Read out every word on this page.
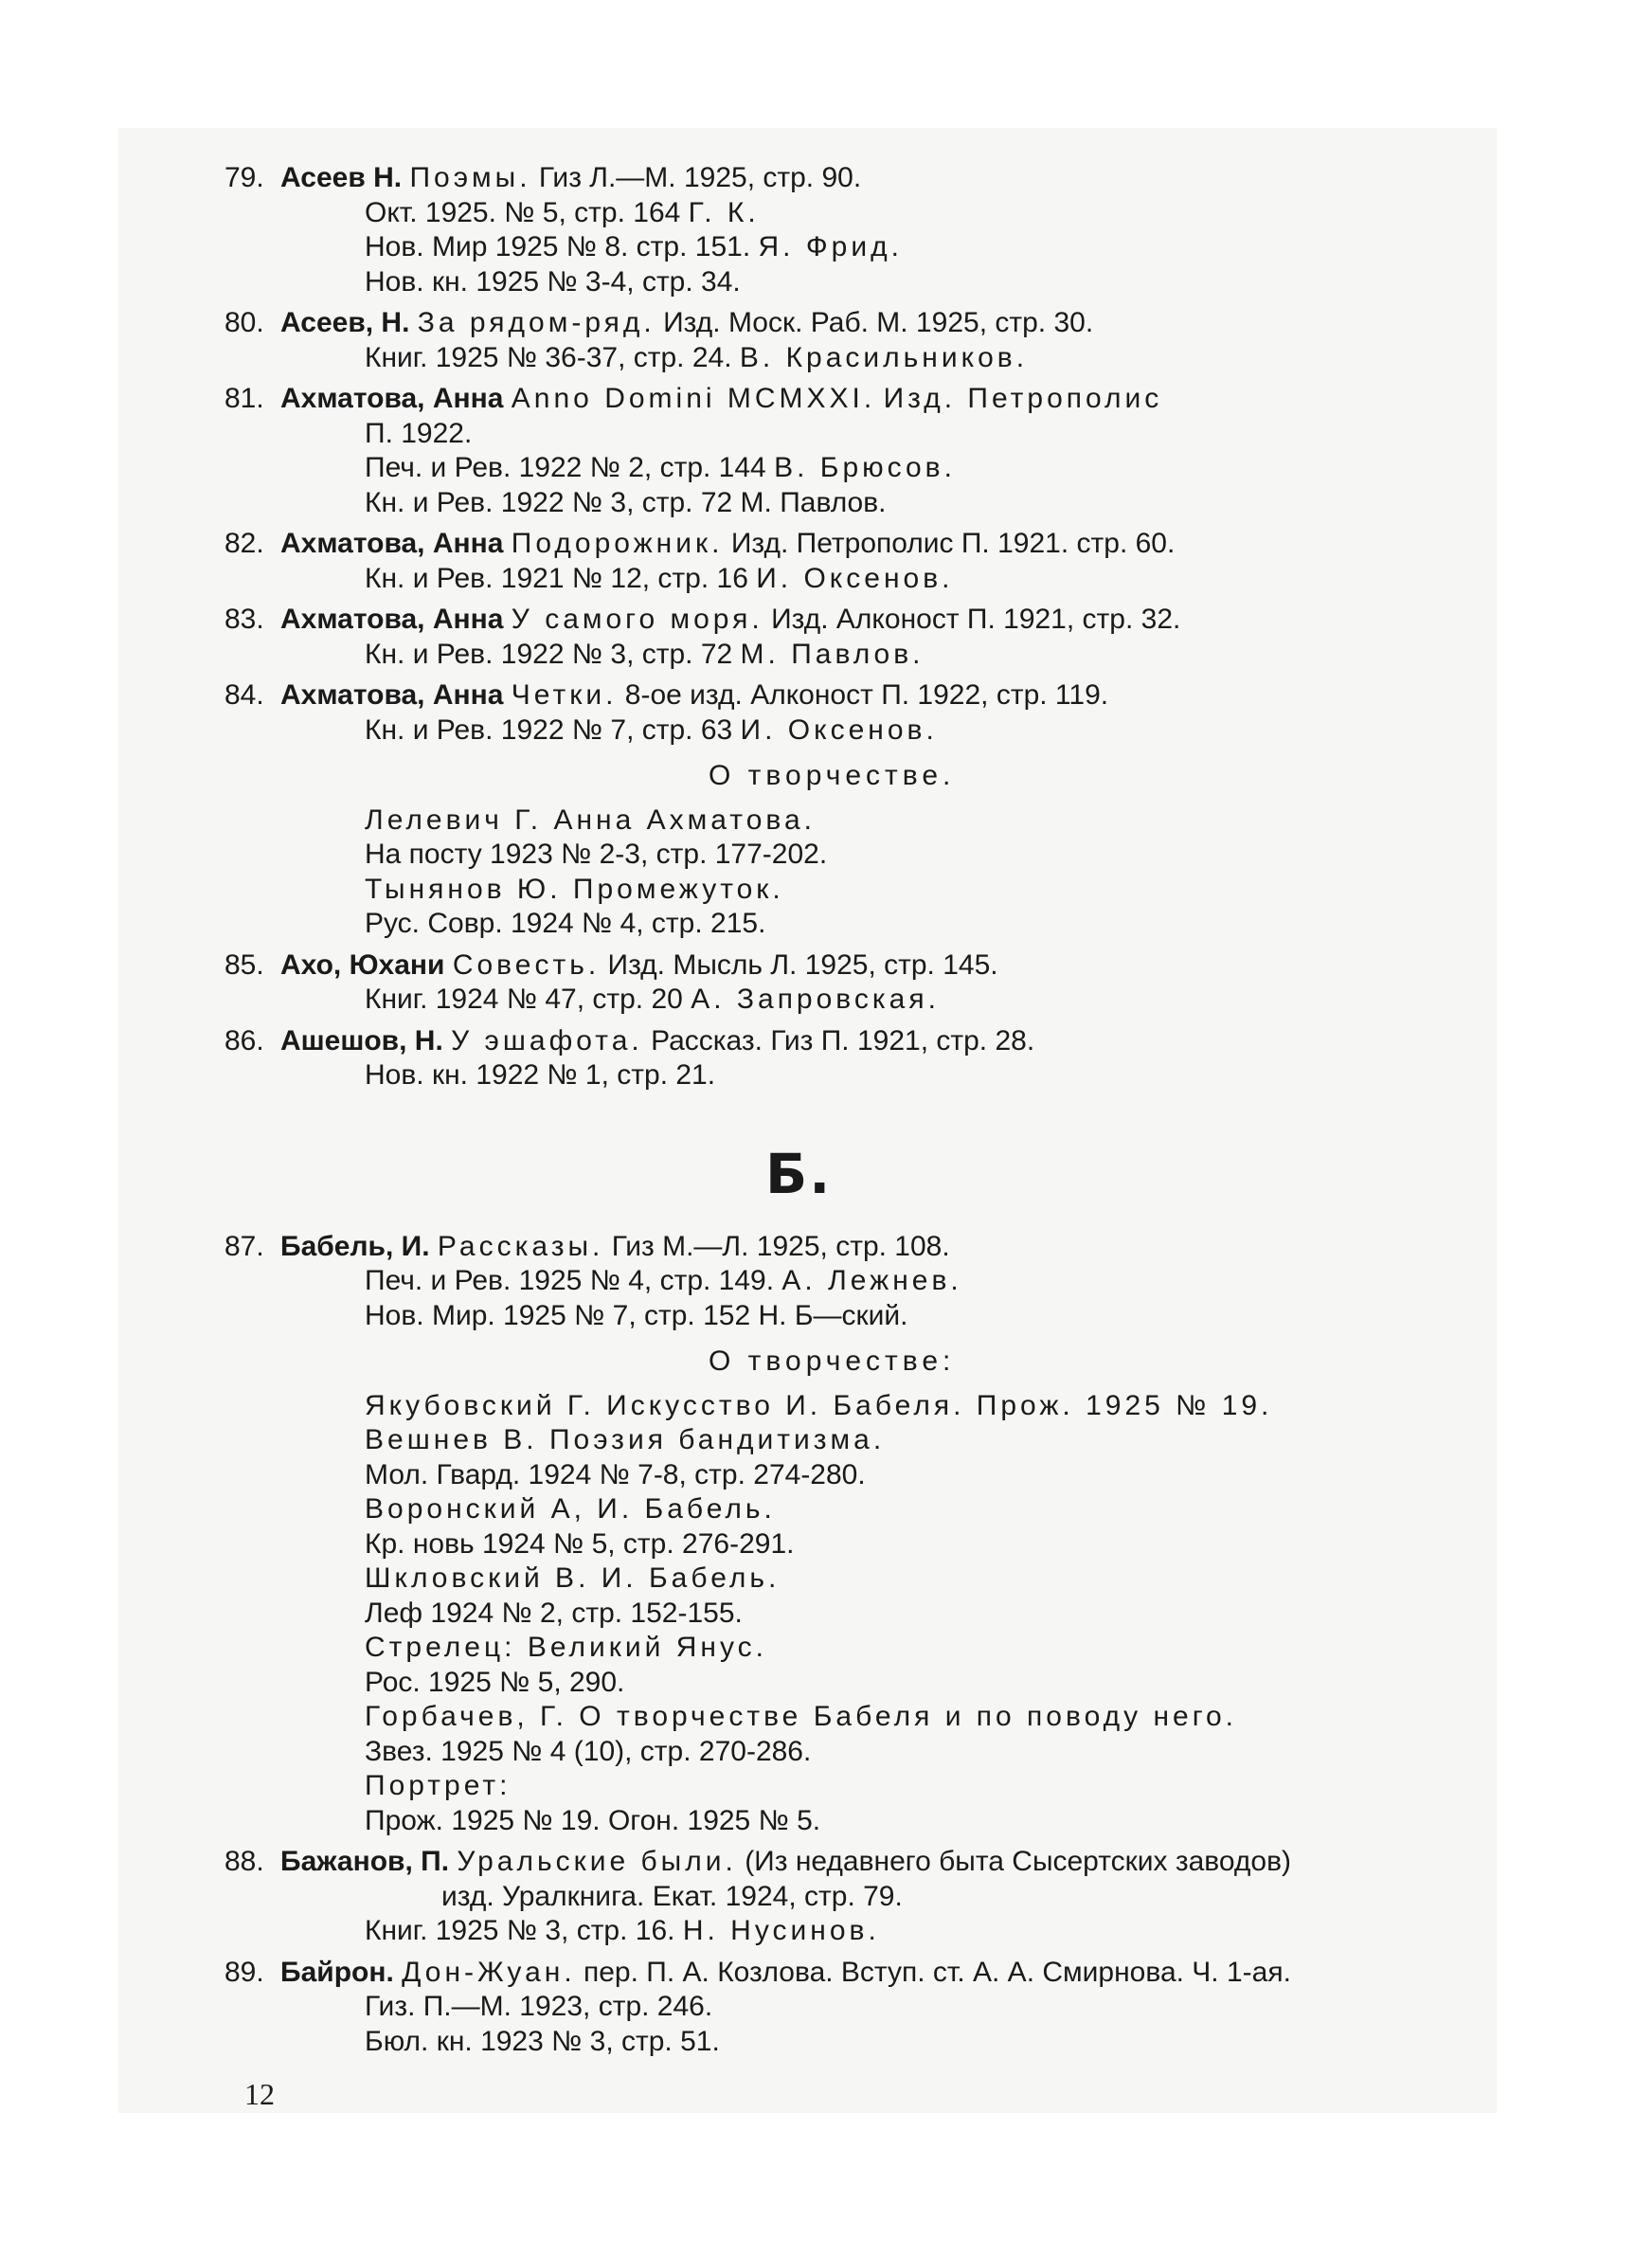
79. Асеев Н. Поэмы. Гиз Л.—М. 1925, стр. 90.
Окт. 1925. № 5, стр. 164 Г. К.
Нов. Мир 1925 № 8. стр. 151. Я. Фрид.
Нов. кн. 1925 № 3-4, стр. 34.
80. Асеев, Н. За рядом-ряд. Изд. Моск. Раб. М. 1925, стр. 30.
Книг. 1925 № 36-37, стр. 24. В. Красильников.
81. Ахматова, Анна Anno Domini MCMXXI. Изд. Петрополис
П. 1922.
Печ. и Рев. 1922 № 2, стр. 144 В. Брюсов.
Кн. и Рев. 1922 № 3, стр. 72 М. Павлов.
82. Ахматова, Анна Подорожник. Изд. Петрополис П. 1921. стр. 60.
Кн. и Рев. 1921 № 12, стр. 16 И. Оксенов.
83. Ахматова, Анна У самого моря. Изд. Алконост П. 1921, стр. 32.
Кн. и Рев. 1922 № 3, стр. 72 М. Павлов.
84. Ахматова, Анна Четки. 8-ое изд. Алконост П. 1922, стр. 119.
Кн. и Рев. 1922 № 7, стр. 63 И. Оксенов.
О творчестве.
Лелевич Г. Анна Ахматова.
На посту 1923 № 2-3, стр. 177-202.
Тынянов Ю. Промежуток.
Рус. Совр. 1924 № 4, стр. 215.
85. Ахо, Юхани Совесть. Изд. Мысль Л. 1925, стр. 145.
Книг. 1924 № 47, стр. 20 А. Запровская.
86. Ашешов, Н. У эшафота. Рассказ. Гиз П. 1921, стр. 28.
Нов. кн. 1922 № 1, стр. 21.
Б.
87. Бабель, И. Рассказы. Гиз М.—Л. 1925, стр. 108.
Печ. и Рев. 1925 № 4, стр. 149. А. Лежнев.
Нов. Мир. 1925 № 7, стр. 152 Н. Б—ский.
О творчестве:
Якубовский Г. Искусство И. Бабеля. Прож. 1925 № 19.
Вешнев В. Поэзия бандитизма.
Мол. Гвард. 1924 № 7-8, стр. 274-280.
Воронский А, И. Бабель.
Кр. новь 1924 № 5, стр. 276-291.
Шкловский В. И. Бабель.
Леф 1924 № 2, стр. 152-155.
Стрелец: Великий Янус.
Рос. 1925 № 5, 290.
Горбачев, Г. О творчестве Бабеля и по поводу него.
Звез. 1925 № 4 (10), стр. 270-286.
Портрет:
Прож. 1925 № 19. Огон. 1925 № 5.
88. Бажанов, П. Уральские были. (Из недавнего быта Сысертских заводов)
изд. Уралкнига. Екат. 1924, стр. 79.
Книг. 1925 № 3, стр. 16. Н. Нусинов.
89. Байрон. Дон-Жуан. пер. П. А. Козлова. Вступ. ст. А. А. Смирнова. Ч. 1-ая.
Гиз. П.—М. 1923, стр. 246.
Бюл. кн. 1923 № 3, стр. 51.
12
